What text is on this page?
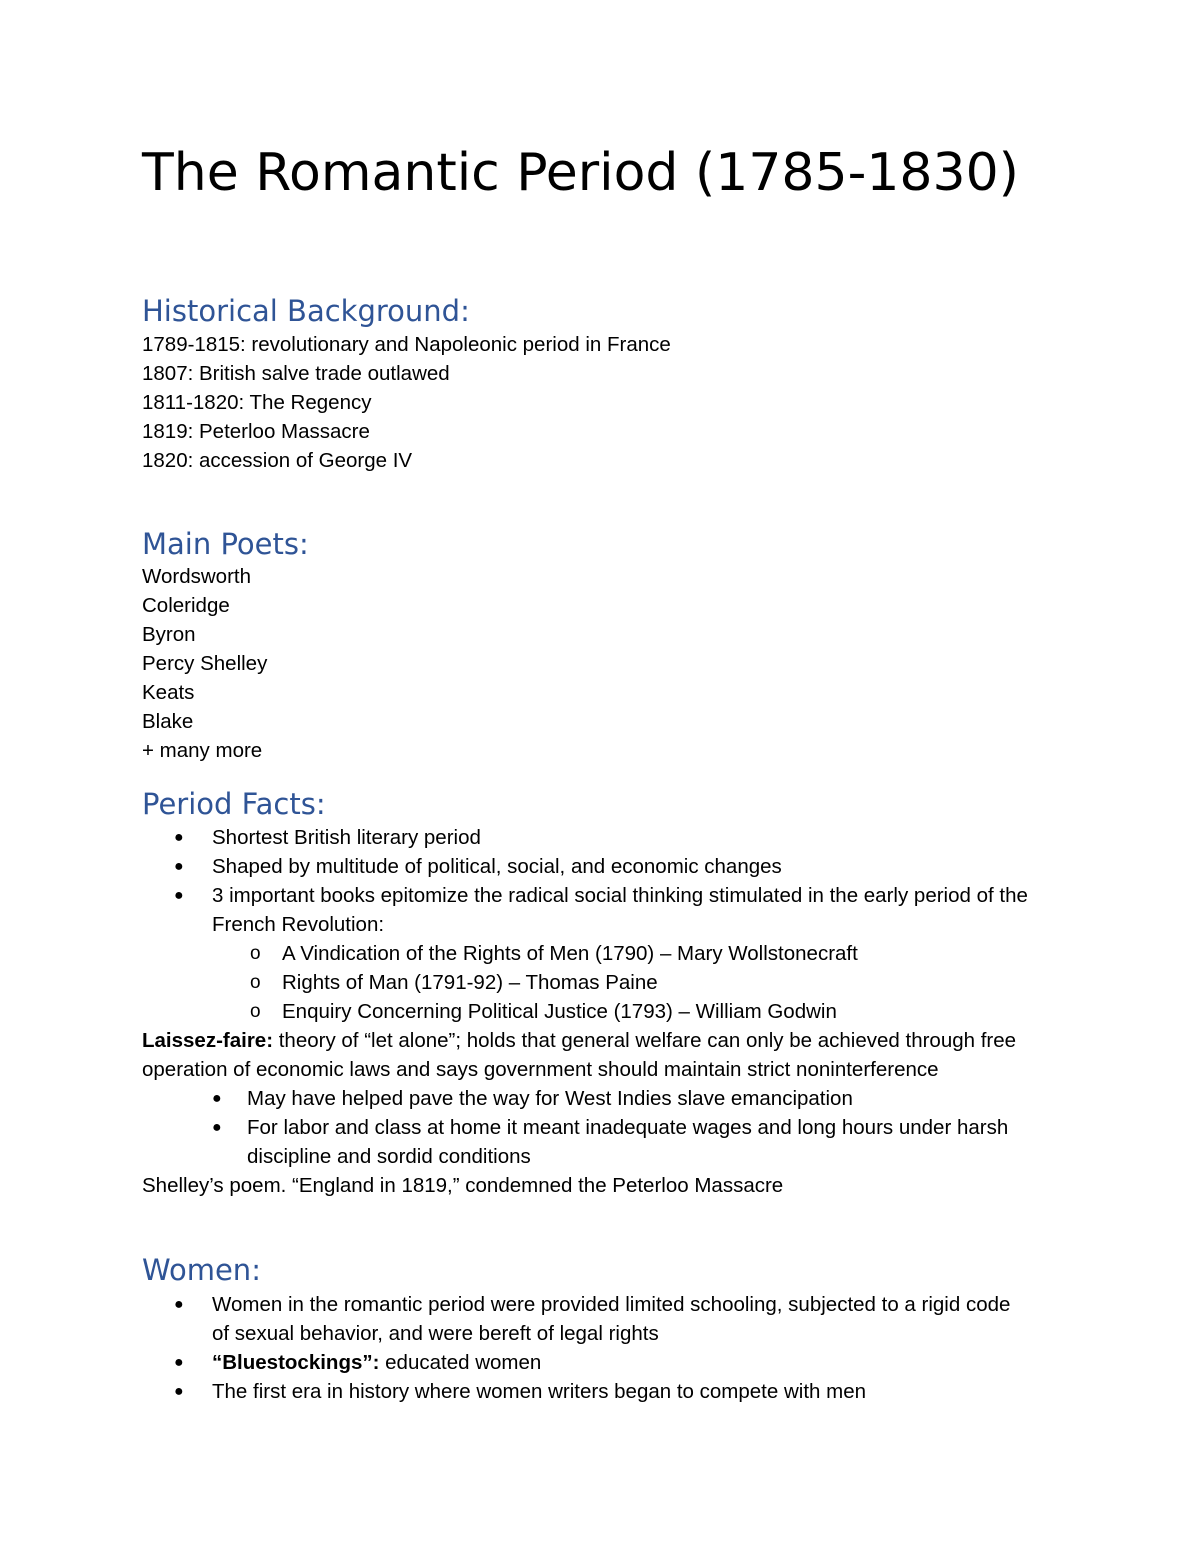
The Romantic Period (1785-1830)
Historical Background:
1789-1815: revolutionary and Napoleonic period in France
1807: British salve trade outlawed
1811-1820: The Regency
1819: Peterloo Massacre
1820: accession of George IV
Main Poets:
Wordsworth
Coleridge
Byron
Percy Shelley
Keats
Blake
+ many more
Period Facts:
● Shortest British literary period
● Shaped by multitude of political, social, and economic changes
● 3 important books epitomize the radical social thinking stimulated in the early period of the French Revolution:
o A Vindication of the Rights of Men (1790) – Mary Wollstonecraft
o Rights of Man (1791-92) – Thomas Paine
o Enquiry Concerning Political Justice (1793) – William Godwin
Laissez-faire: theory of “let alone”; holds that general welfare can only be achieved through free operation of economic laws and says government should maintain strict noninterference
● May have helped pave the way for West Indies slave emancipation
● For labor and class at home it meant inadequate wages and long hours under harsh discipline and sordid conditions
Shelley’s poem. “England in 1819,” condemned the Peterloo Massacre
Women:
● Women in the romantic period were provided limited schooling, subjected to a rigid code of sexual behavior, and were bereft of legal rights
● “Bluestockings”: educated women
● The first era in history where women writers began to compete with men
